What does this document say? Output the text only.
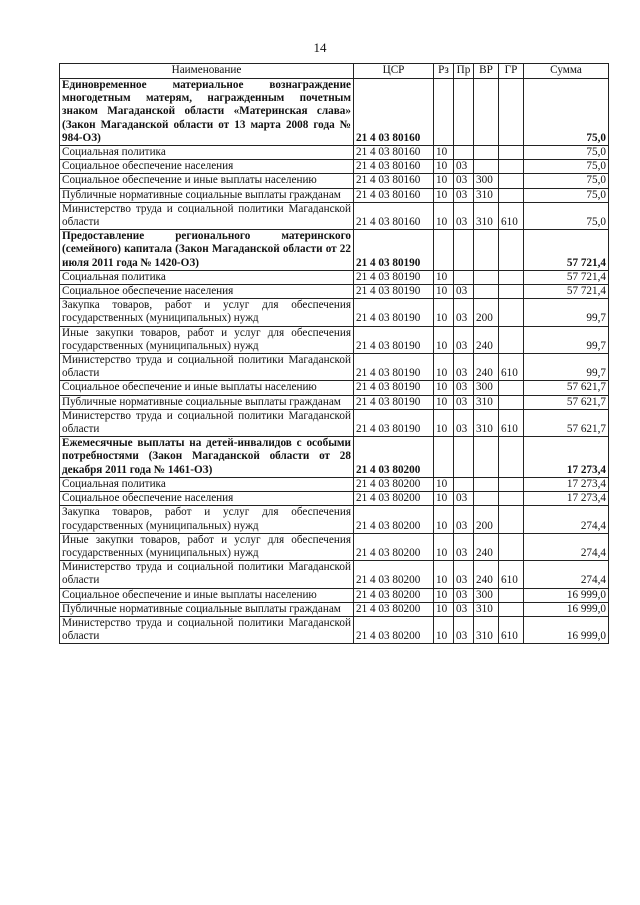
14
Наименование	ЦСР	Рз	Пр	ВР	ГР	Сумма
Единовременное материальное вознаграждение многодетным матерям, награжденным почетным знаком Магаданской области «Материнская слава» (Закон Магаданской области от 13 марта 2008 года № 984-ОЗ)	21 4 03 80160					75,0
Социальная политика	21 4 03 80160	10				75,0
Социальное обеспечение населения	21 4 03 80160	10	03			75,0
Социальное обеспечение и иные выплаты населению	21 4 03 80160	10	03	300		75,0
Публичные нормативные социальные выплаты гражданам	21 4 03 80160	10	03	310		75,0
Министерство труда и социальной политики Магаданской области	21 4 03 80160	10	03	310	610	75,0
Предоставление регионального материнского (семейного) капитала (Закон Магаданской области от 22 июля 2011 года № 1420-ОЗ)	21 4 03 80190					57 721,4
Социальная политика	21 4 03 80190	10				57 721,4
Социальное обеспечение населения	21 4 03 80190	10	03			57 721,4
Закупка товаров, работ и услуг для обеспечения государственных (муниципальных) нужд	21 4 03 80190	10	03	200		99,7
Иные закупки товаров, работ и услуг для обеспечения государственных (муниципальных) нужд	21 4 03 80190	10	03	240		99,7
Министерство труда и социальной политики Магаданской области	21 4 03 80190	10	03	240	610	99,7
Социальное обеспечение и иные выплаты населению	21 4 03 80190	10	03	300		57 621,7
Публичные нормативные социальные выплаты гражданам	21 4 03 80190	10	03	310		57 621,7
Министерство труда и социальной политики Магаданской области	21 4 03 80190	10	03	310	610	57 621,7
Ежемесячные выплаты на детей-инвалидов с особыми потребностями (Закон Магаданской области от 28 декабря 2011 года № 1461-ОЗ)	21 4 03 80200					17 273,4
Социальная политика	21 4 03 80200	10				17 273,4
Социальное обеспечение населения	21 4 03 80200	10	03			17 273,4
Закупка товаров, работ и услуг для обеспечения государственных (муниципальных) нужд	21 4 03 80200	10	03	200		274,4
Иные закупки товаров, работ и услуг для обеспечения государственных (муниципальных) нужд	21 4 03 80200	10	03	240		274,4
Министерство труда и социальной политики Магаданской области	21 4 03 80200	10	03	240	610	274,4
Социальное обеспечение и иные выплаты населению	21 4 03 80200	10	03	300		16 999,0
Публичные нормативные социальные выплаты гражданам	21 4 03 80200	10	03	310		16 999,0
Министерство труда и социальной политики Магаданской области	21 4 03 80200	10	03	310	610	16 999,0
